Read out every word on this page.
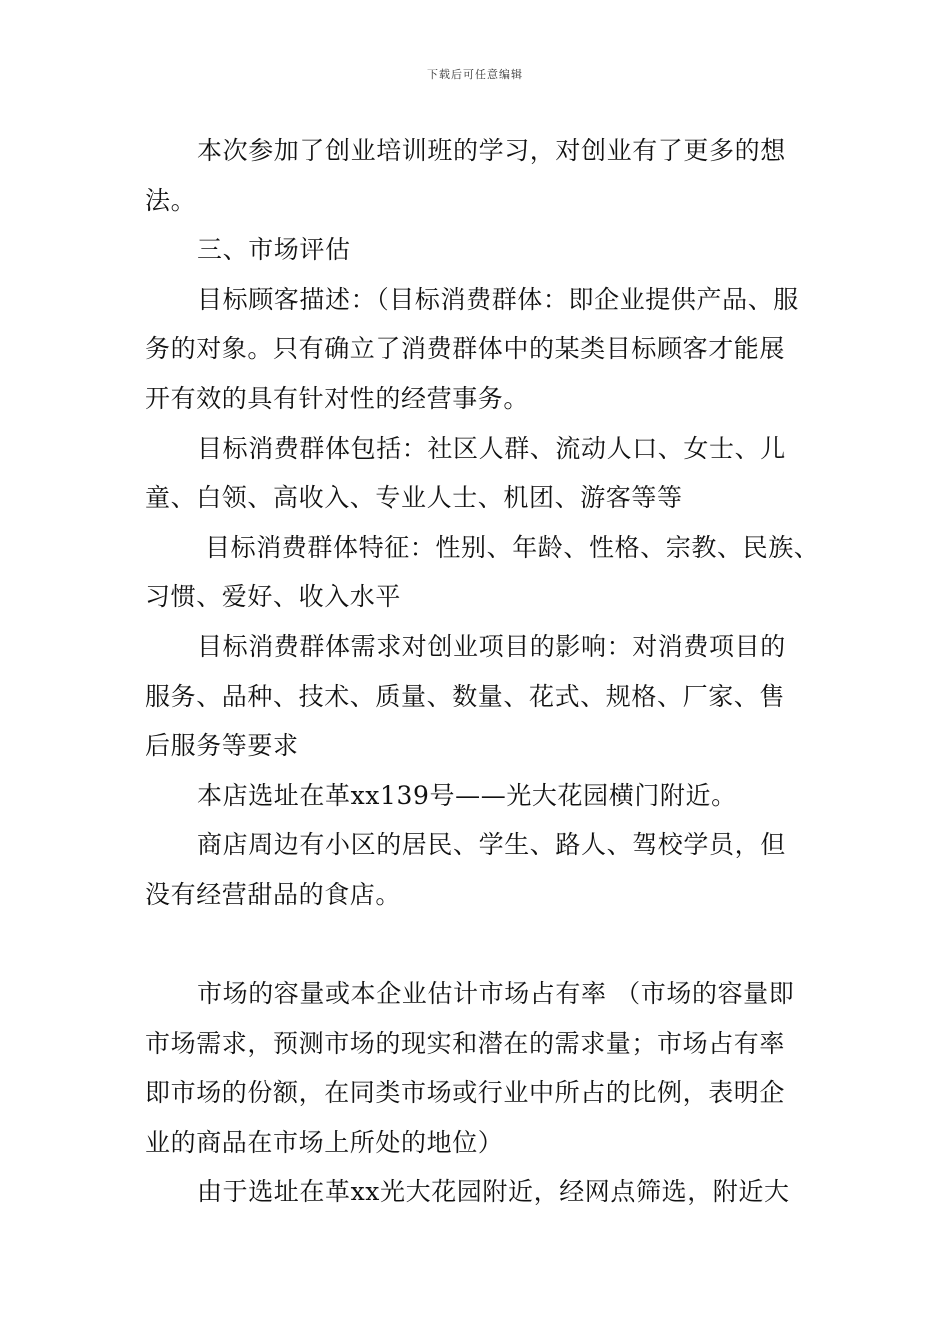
下载后可任意编辑

本次参加了创业培训班的学习，对创业有了更多的想法。

三、市场评估

目标顾客描述：（目标消费群体：即企业提供产品、服务的对象。只有确立了消费群体中的某类目标顾客才能展开有效的具有针对性的经营事务。

目标消费群体包括：社区人群、流动人口、女士、儿童、白领、高收入、专业人士、机团、游客等等

目标消费群体特征：性别、年龄、性格、宗教、民族、习惯、爱好、收入水平

目标消费群体需求对创业项目的影响：对消费项目的服务、品种、技术、质量、数量、花式、规格、厂家、售后服务等要求

本店选址在革xx139号——光大花园横门附近。

商店周边有小区的居民、学生、路人、驾校学员，但没有经营甜品的食店。

市场的容量或本企业估计市场占有率 （市场的容量即市场需求，预测市场的现实和潜在的需求量；市场占有率即市场的份额，在同类市场或行业中所占的比例，表明企业的商品在市场上所处的地位）

由于选址在革xx光大花园附近，经网点筛选，附近大
